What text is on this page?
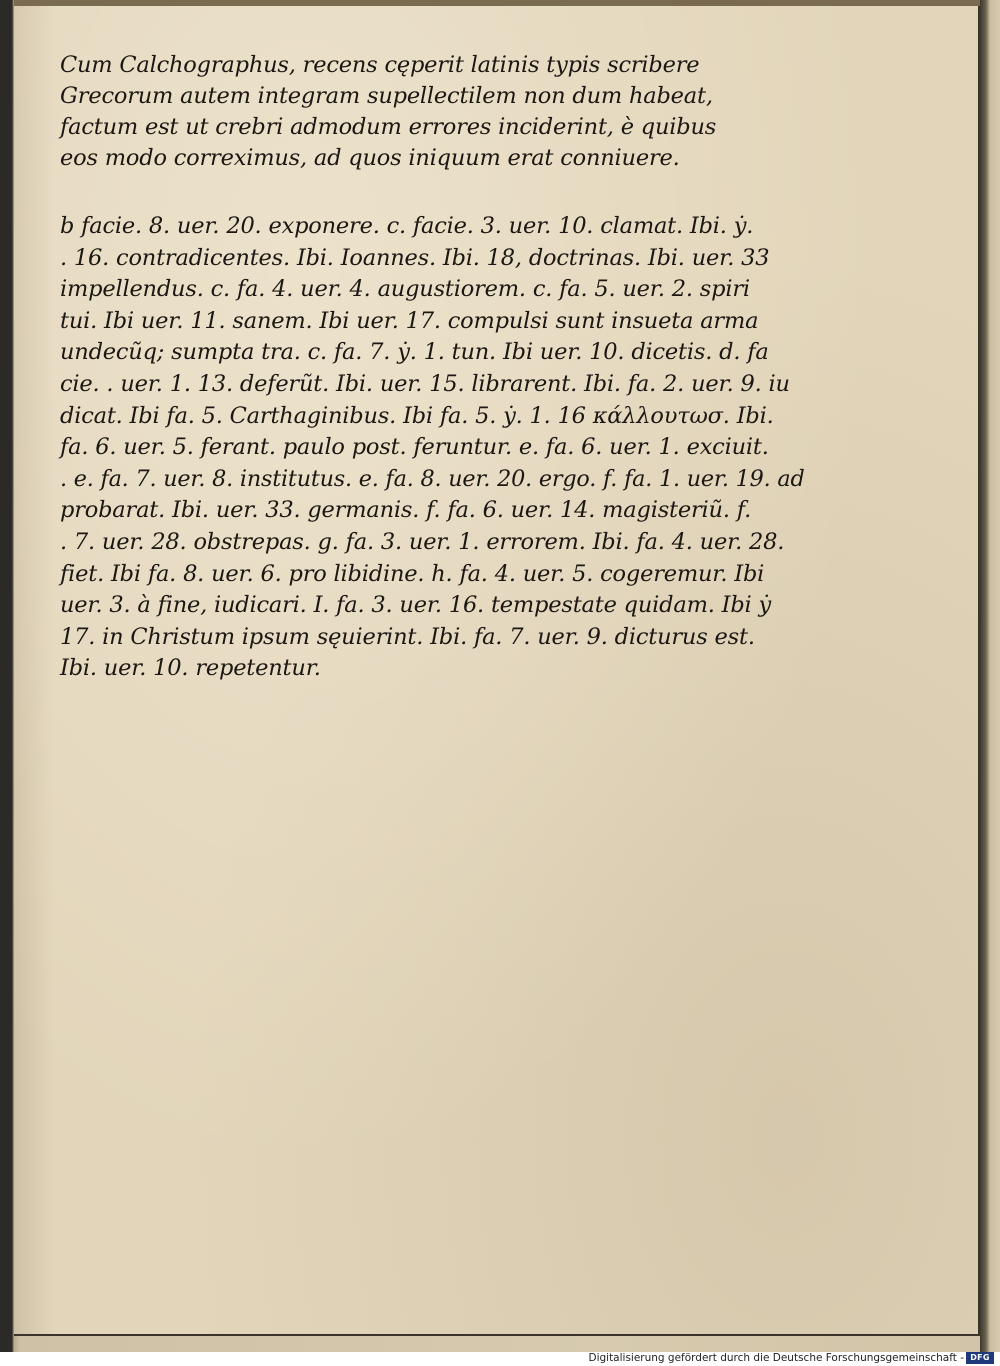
Cum Calchographus, recens cęperit latinis typis scribere
Grecorum autem integram supellectilem non dum habeat,
factum est ut crebri admodum errores inciderint, è quibus
eos modo correximus, ad quos iniquum erat conniuere.
b facie. 8. uer. 20. exponere. c. facie. 3. uer. 10. clamat. Ibi. ẏ.
. 16. contradicentes. Ibi. Ioannes. Ibi. 18, doctrinas. Ibi. uer. 33
impellendus. c. fa. 4. uer. 4. augustiorem. c. fa. 5. uer. 2. spiri
tui. Ibi uer. 11. sanem. Ibi uer. 17. compulsi sunt insueta arma
undecũq; sumpta tra. c. fa. 7. ẏ. 1. tun. Ibi uer. 10. dicetis. d. fa
cie. . uer. 1. 13. deferũt. Ibi. uer. 15. librarent. Ibi. fa. 2. uer. 9. iu
dicat. Ibi fa. 5. Carthaginibus. Ibi fa. 5. ẏ. 1. 16 κάλλουτωσ. Ibi.
fa. 6. uer. 5. ferant. paulo post. feruntur. e. fa. 6. uer. 1. exciuit.
. e. fa. 7. uer. 8. institutus. e. fa. 8. uer. 20. ergo. f. fa. 1. uer. 19. ad
probarat. Ibi. uer. 33. germanis. f. fa. 6. uer. 14. magisteriũ. f.
. 7. uer. 28. obstrepas. g. fa. 3. uer. 1. errorem. Ibi. fa. 4. uer. 28.
fiet. Ibi fa. 8. uer. 6. pro libidine. h. fa. 4. uer. 5. cogeremur. Ibi
uer. 3. à fine, iudicari. I. fa. 3. uer. 16. tempestate quidam. Ibi ẏ
17. in Christum ipsum sęuierint. Ibi. fa. 7. uer. 9. dicturus est.
Ibi. uer. 10. repetentur.
Digitalisierung gefördert durch die Deutsche Forschungsgemeinschaft - DFG
